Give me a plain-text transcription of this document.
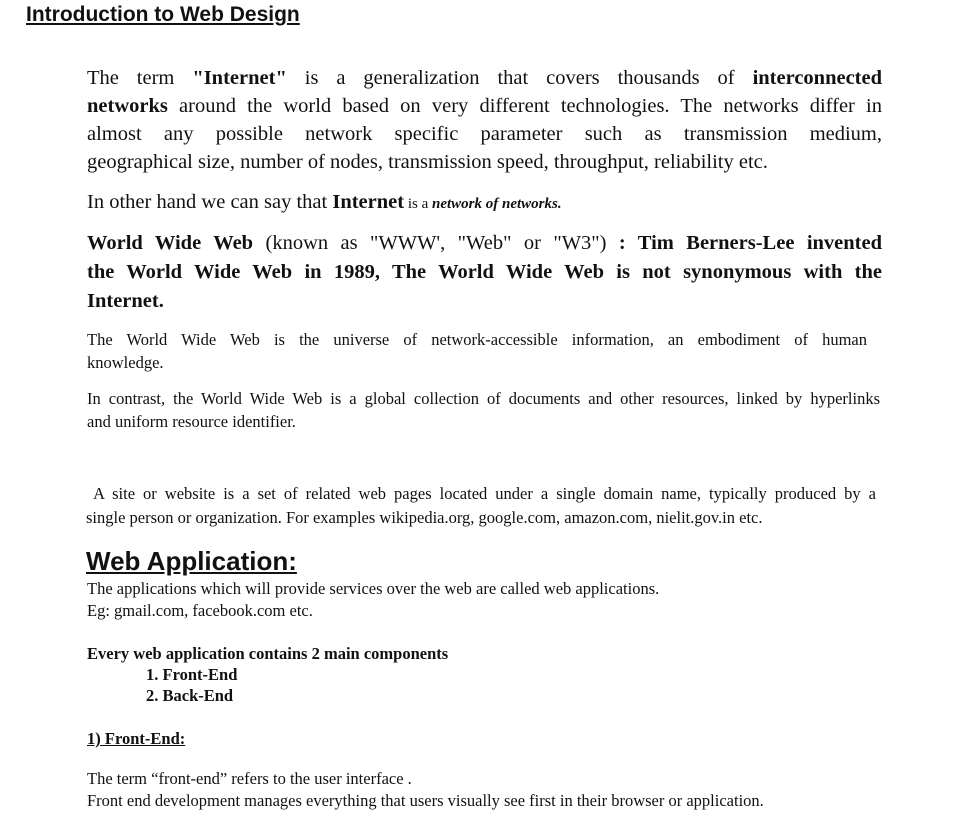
Introduction to Web Design

The term "Internet" is a generalization that covers thousands of interconnected
networks around the world based on very different technologies. The networks differ in
almost any possible network specific parameter such as transmission medium,
geographical size, number of nodes, transmission speed, throughput, reliability etc.

In other hand we can say that Internet is a network of networks.

World Wide Web (known as "WWW', "Web" or "W3") : Tim Berners-Lee invented
the World Wide Web in 1989, The World Wide Web is not synonymous with the
Internet.

The World Wide Web is the universe of network-accessible information, an embodiment of human
knowledge.

In contrast, the World Wide Web is a global collection of documents and other resources, linked by hyperlinks
and uniform resource identifier.

A site or website is a set of related web pages located under a single domain name, typically produced by a
single person or organization. For examples wikipedia.org, google.com, amazon.com, nielit.gov.in etc.

Web Application:

The applications which will provide services over the web are called web applications.
Eg: gmail.com, facebook.com etc.

Every web application contains 2 main components

1. Front-End
2. Back-End
1) Front-End:

The term “front-end” refers to the user interface .
Front end development manages everything that users visually see first in their browser or application.
